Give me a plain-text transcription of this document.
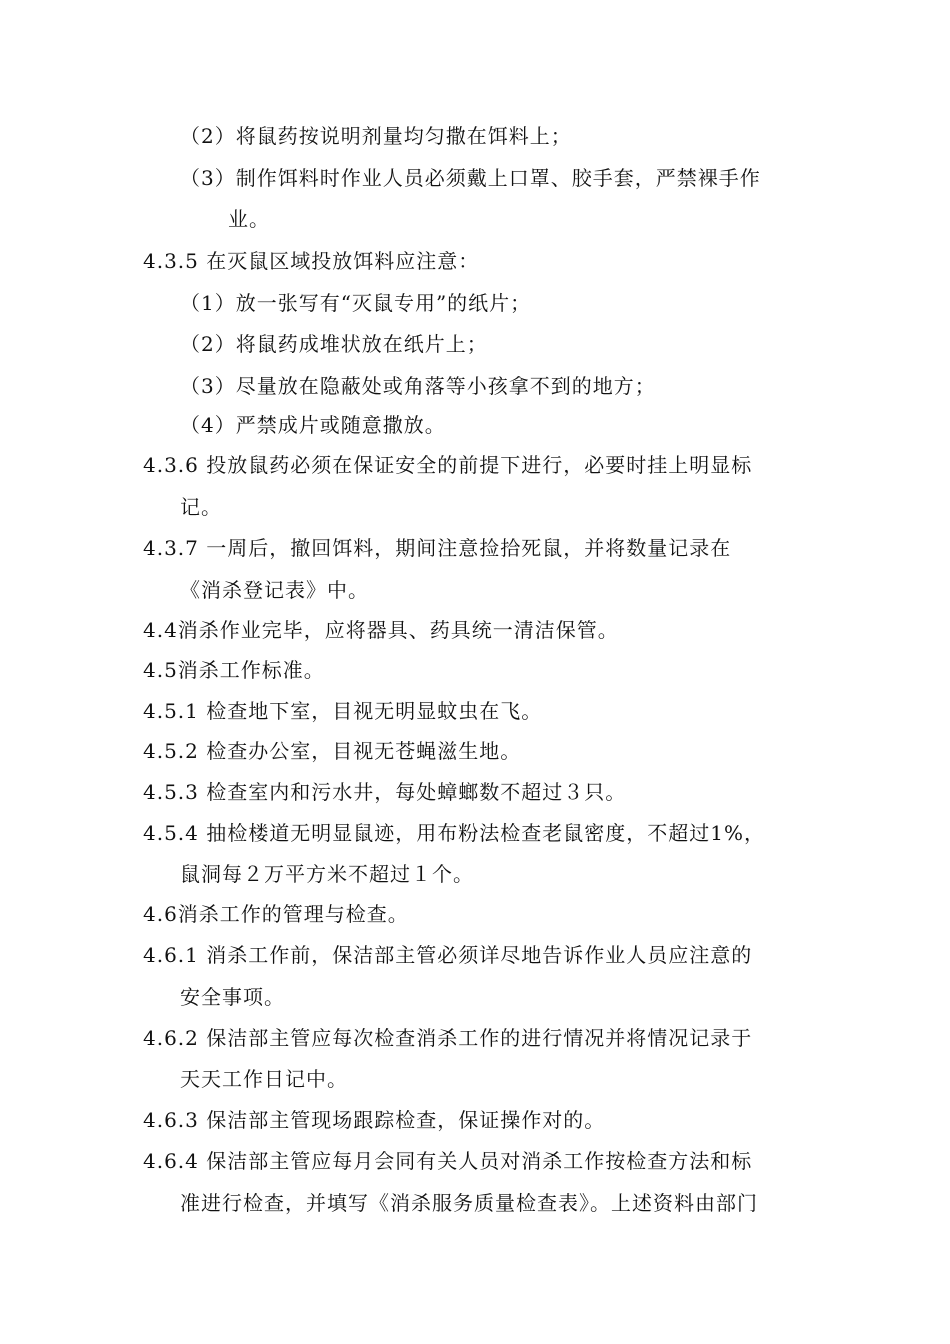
（2）将鼠药按说明剂量均匀撒在饵料上；
（3）制作饵料时作业人员必须戴上口罩、胶手套，严禁裸手作
业。
4.3.5 在灭鼠区域投放饵料应注意：
（1）放一张写有“灭鼠专用”的纸片；
（2）将鼠药成堆状放在纸片上；
（3）尽量放在隐蔽处或角落等小孩拿不到的地方；
（4）严禁成片或随意撒放。
4.3.6 投放鼠药必须在保证安全的前提下进行，必要时挂上明显标
记。
4.3.7 一周后，撤回饵料，期间注意捡拾死鼠，并将数量记录在
《消杀登记表》中。
4.4消杀作业完毕，应将器具、药具统一清洁保管。
4.5消杀工作标准。
4.5.1 检查地下室，目视无明显蚊虫在飞。
4.5.2 检查办公室，目视无苍蝇滋生地。
4.5.3 检查室内和污水井，每处蟑螂数不超过３只。
4.5.4 抽检楼道无明显鼠迹，用布粉法检查老鼠密度，不超过1%，
鼠洞每２万平方米不超过１个。
4.6消杀工作的管理与检查。
4.6.1 消杀工作前，保洁部主管必须详尽地告诉作业人员应注意的
安全事项。
4.6.2 保洁部主管应每次检查消杀工作的进行情况并将情况记录于
天天工作日记中。
4.6.3 保洁部主管现场跟踪检查，保证操作对的。
4.6.4 保洁部主管应每月会同有关人员对消杀工作按检查方法和标
准进行检查，并填写《消杀服务质量检查表》。上述资料由部门
